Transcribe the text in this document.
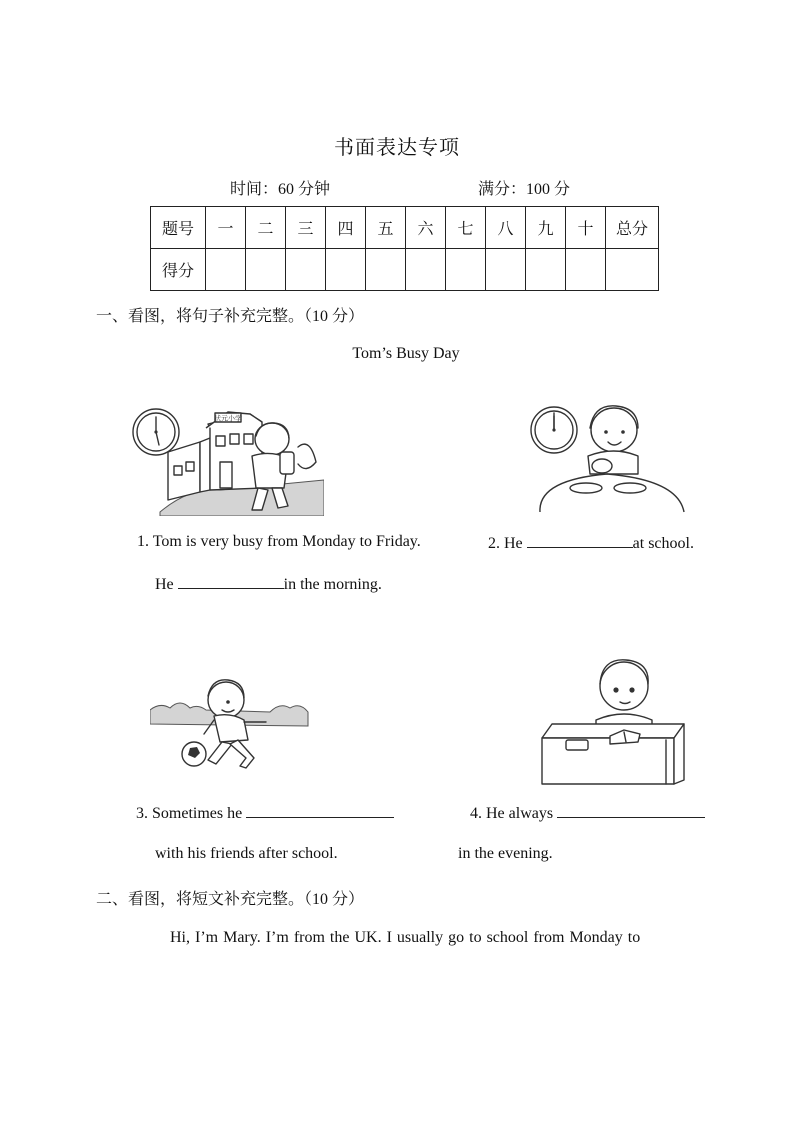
书面表达专项
时间：60 分钟	满分：100 分
题号	一	二	三	四	五	六	七	八	九	十	总分
得分											
一、看图，将句子补充完整。（10 分）
Tom’s Busy Day
状元小学
1. Tom is very busy from Monday to Friday.	2. He	at school.
He	in the morning.
3. Sometimes he	4. He always
with his friends after school.	in the evening.
二、看图，将短文补充完整。（10 分）
Hi, I’m Mary. I’m from the UK. I usually go to school from Monday to
